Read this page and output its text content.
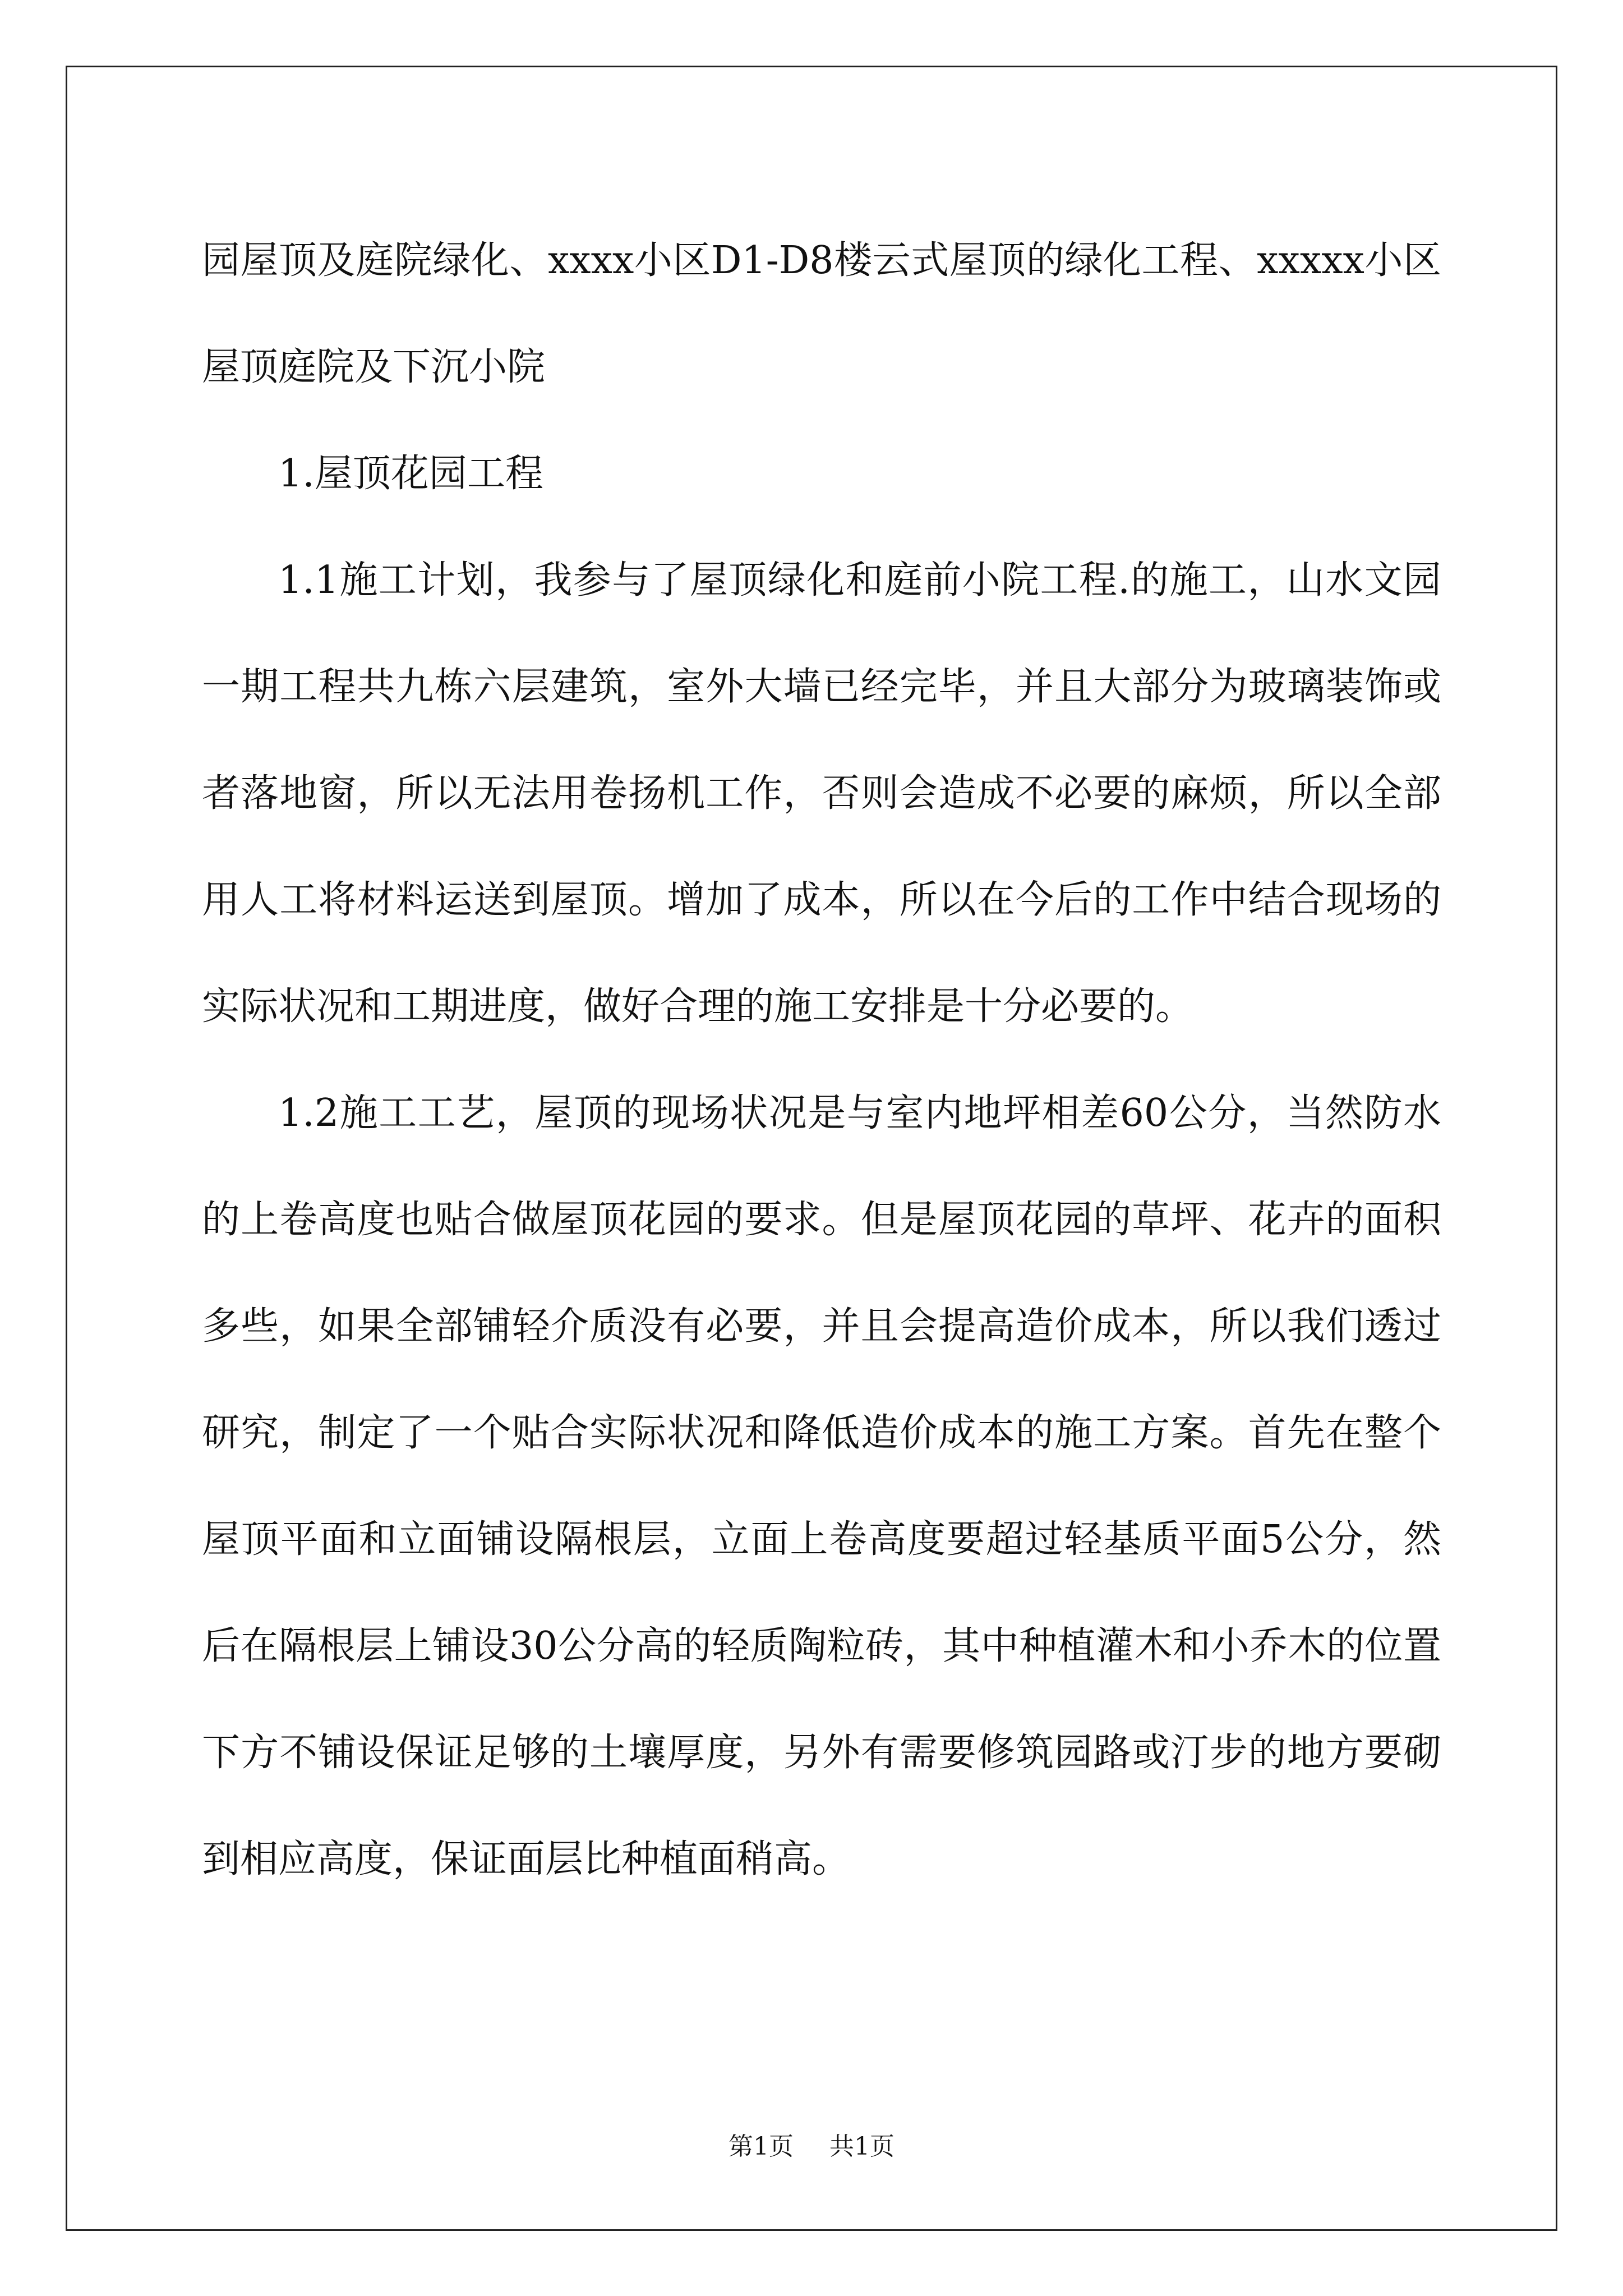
园屋顶及庭院绿化、xxxx小区D1-D8楼云式屋顶的绿化工程、xxxxx小区屋顶庭院及下沉小院

1.屋顶花园工程

1.1施工计划，我参与了屋顶绿化和庭前小院工程.的施工，山水文园一期工程共九栋六层建筑，室外大墙已经完毕，并且大部分为玻璃装饰或者落地窗，所以无法用卷扬机工作，否则会造成不必要的麻烦，所以全部用人工将材料运送到屋顶。增加了成本，所以在今后的工作中结合现场的实际状况和工期进度，做好合理的施工安排是十分必要的。

1.2施工工艺，屋顶的现场状况是与室内地坪相差60公分，当然防水的上卷高度也贴合做屋顶花园的要求。但是屋顶花园的草坪、花卉的面积多些，如果全部铺轻介质没有必要，并且会提高造价成本，所以我们透过研究，制定了一个贴合实际状况和降低造价成本的施工方案。首先在整个屋顶平面和立面铺设隔根层，立面上卷高度要超过轻基质平面5公分，然后在隔根层上铺设30公分高的轻质陶粒砖，其中种植灌木和小乔木的位置下方不铺设保证足够的土壤厚度，另外有需要修筑园路或汀步的地方要砌到相应高度，保证面层比种植面稍高。

第1页 共1页
